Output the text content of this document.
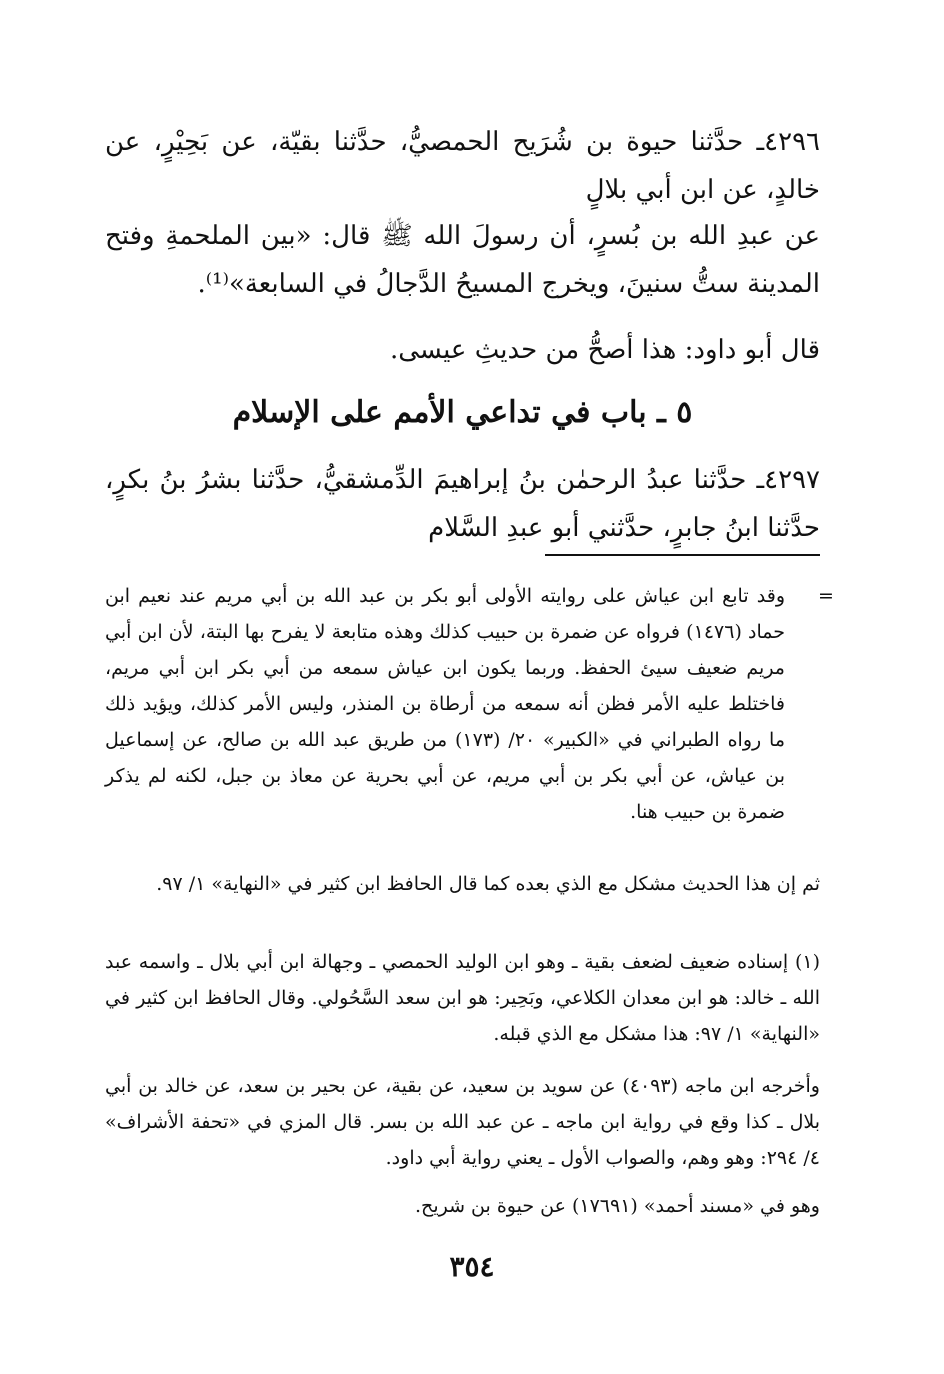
٤٢٩٦ـ حدَّثنا حيوة بن شُرَيح الحمصيُّ، حدَّثنا بقيّة، عن بَحِيْرٍ، عن خالدٍ، عن ابن أبي بلالٍ

عن عبدِ الله بن بُسرٍ، أن رسولَ الله ﷺ قال: «بين الملحمةِ وفتح المدينة ستُّ سنينَ، ويخرج المسيحُ الدَّجالُ في السابعة»⁽¹⁾.

قال أبو داود: هذا أصحُّ من حديثِ عيسى.

٥ ـ باب في تداعي الأمم على الإسلام

٤٢٩٧ـ حدَّثنا عبدُ الرحمٰن بنُ إبراهيمَ الدِّمشقيُّ، حدَّثنا بشرُ بنُ بكرٍ، حدَّثنا ابنُ جابرٍ، حدَّثني أبو عبدِ السَّلام

=

وقد تابع ابن عياش على روايته الأولى أبو بكر بن عبد الله بن أبي مريم عند نعيم ابن حماد (١٤٧٦) فرواه عن ضمرة بن حبيب كذلك وهذه متابعة لا يفرح بها البتة، لأن ابن أبي مريم ضعيف سيئ الحفظ. وربما يكون ابن عياش سمعه من أبي بكر ابن أبي مريم، فاختلط عليه الأمر فظن أنه سمعه من أرطاة بن المنذر، وليس الأمر كذلك، ويؤيد ذلك ما رواه الطبراني في «الكبير» ٢٠/ (١٧٣) من طريق عبد الله بن صالح، عن إسماعيل بن عياش، عن أبي بكر بن أبي مريم، عن أبي بحرية عن معاذ بن جبل، لكنه لم يذكر ضمرة بن حبيب هنا.

ثم إن هذا الحديث مشكل مع الذي بعده كما قال الحافظ ابن كثير في «النهاية» ١/ ٩٧.

(١) إسناده ضعيف لضعف بقية ـ وهو ابن الوليد الحمصي ـ وجهالة ابن أبي بلال ـ واسمه عبد الله ـ خالد: هو ابن معدان الكلاعي، وبَحِير: هو ابن سعد السَّحُولي. وقال الحافظ ابن كثير في «النهاية» ١/ ٩٧: هذا مشكل مع الذي قبله.

وأخرجه ابن ماجه (٤٠٩٣) عن سويد بن سعيد، عن بقية، عن بحير بن سعد، عن خالد بن أبي بلال ـ كذا وقع في رواية ابن ماجه ـ عن عبد الله بن بسر. قال المزي في «تحفة الأشراف» ٤/ ٢٩٤: وهو وهم، والصواب الأول ـ يعني رواية أبي داود.

وهو في «مسند أحمد» (١٧٦٩١) عن حيوة بن شريح.

٣٥٤
